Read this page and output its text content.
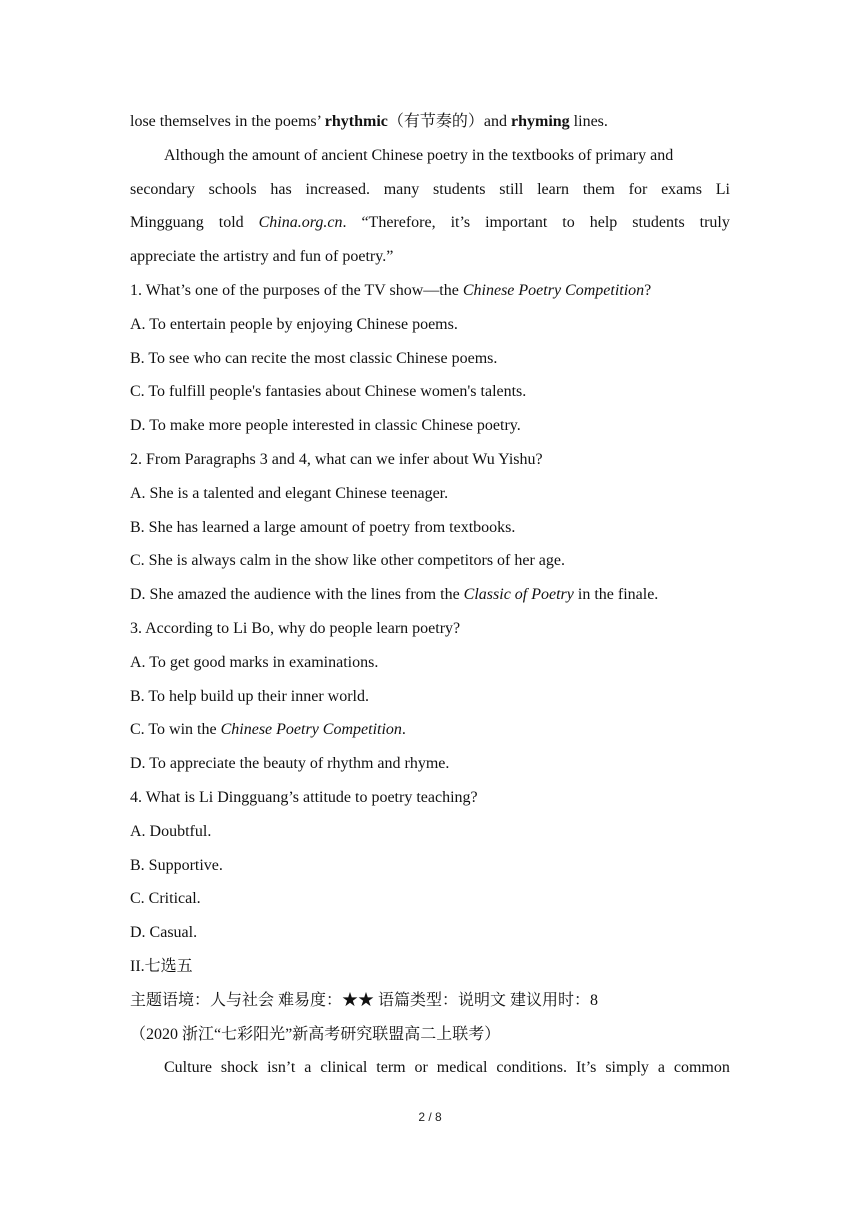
lose themselves in the poems’ rhythmic（有节奏的）and rhyming lines.
Although the amount of ancient Chinese poetry in the textbooks of primary and
secondary schools has increased. many students still learn them for exams Li
Mingguang told China.org.cn. “Therefore, it’s important to help students truly
appreciate the artistry and fun of poetry.”
1. What’s one of the purposes of the TV show—the Chinese Poetry Competition?
A. To entertain people by enjoying Chinese poems.
B. To see who can recite the most classic Chinese poems.
C. To fulfill people's fantasies about Chinese women's talents.
D. To make more people interested in classic Chinese poetry.
2. From Paragraphs 3 and 4, what can we infer about Wu Yishu?
A. She is a talented and elegant Chinese teenager.
B. She has learned a large amount of poetry from textbooks.
C. She is always calm in the show like other competitors of her age.
D. She amazed the audience with the lines from the Classic of Poetry in the finale.
3. According to Li Bo, why do people learn poetry?
A. To get good marks in examinations.
B. To help build up their inner world.
C. To win the Chinese Poetry Competition.
D. To appreciate the beauty of rhythm and rhyme.
4. What is Li Dingguang’s attitude to poetry teaching?
A. Doubtful.
B. Supportive.
C. Critical.
D. Casual.
II.七选五
主题语境：人与社会 难易度：★★ 语篇类型：说明文 建议用时：8
（2020 浙江“七彩阳光”新高考研究联盟高二上联考）
Culture shock isn’t a clinical term or medical conditions. It’s simply a common
2 / 8
